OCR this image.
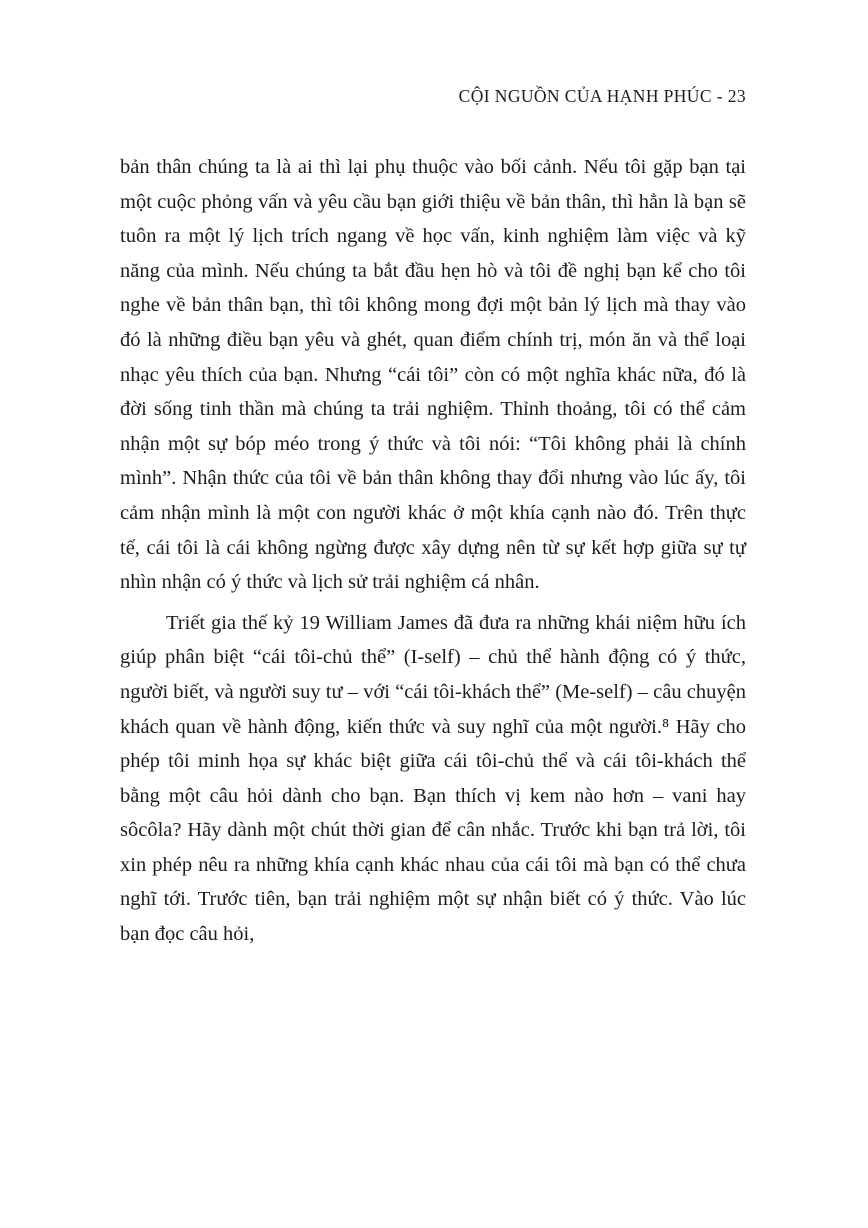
CỘI NGUỒN CỦA HẠNH PHÚC - 23

bản thân chúng ta là ai thì lại phụ thuộc vào bối cảnh. Nếu tôi gặp bạn tại một cuộc phỏng vấn và yêu cầu bạn giới thiệu về bản thân, thì hẳn là bạn sẽ tuôn ra một lý lịch trích ngang về học vấn, kinh nghiệm làm việc và kỹ năng của mình. Nếu chúng ta bắt đầu hẹn hò và tôi đề nghị bạn kể cho tôi nghe về bản thân bạn, thì tôi không mong đợi một bản lý lịch mà thay vào đó là những điều bạn yêu và ghét, quan điểm chính trị, món ăn và thể loại nhạc yêu thích của bạn. Nhưng “cái tôi” còn có một nghĩa khác nữa, đó là đời sống tinh thần mà chúng ta trải nghiệm. Thỉnh thoảng, tôi có thể cảm nhận một sự bóp méo trong ý thức và tôi nói: “Tôi không phải là chính mình”. Nhận thức của tôi về bản thân không thay đổi nhưng vào lúc ấy, tôi cảm nhận mình là một con người khác ở một khía cạnh nào đó. Trên thực tế, cái tôi là cái không ngừng được xây dựng nên từ sự kết hợp giữa sự tự nhìn nhận có ý thức và lịch sử trải nghiệm cá nhân.

Triết gia thế kỷ 19 William James đã đưa ra những khái niệm hữu ích giúp phân biệt “cái tôi-chủ thể” (I-self) – chủ thể hành động có ý thức, người biết, và người suy tư – với “cái tôi-khách thể” (Me-self) – câu chuyện khách quan về hành động, kiến thức và suy nghĩ của một người.⁸ Hãy cho phép tôi minh họa sự khác biệt giữa cái tôi-chủ thể và cái tôi-khách thể bằng một câu hỏi dành cho bạn. Bạn thích vị kem nào hơn – vani hay sôcôla? Hãy dành một chút thời gian để cân nhắc. Trước khi bạn trả lời, tôi xin phép nêu ra những khía cạnh khác nhau của cái tôi mà bạn có thể chưa nghĩ tới. Trước tiên, bạn trải nghiệm một sự nhận biết có ý thức. Vào lúc bạn đọc câu hỏi,
